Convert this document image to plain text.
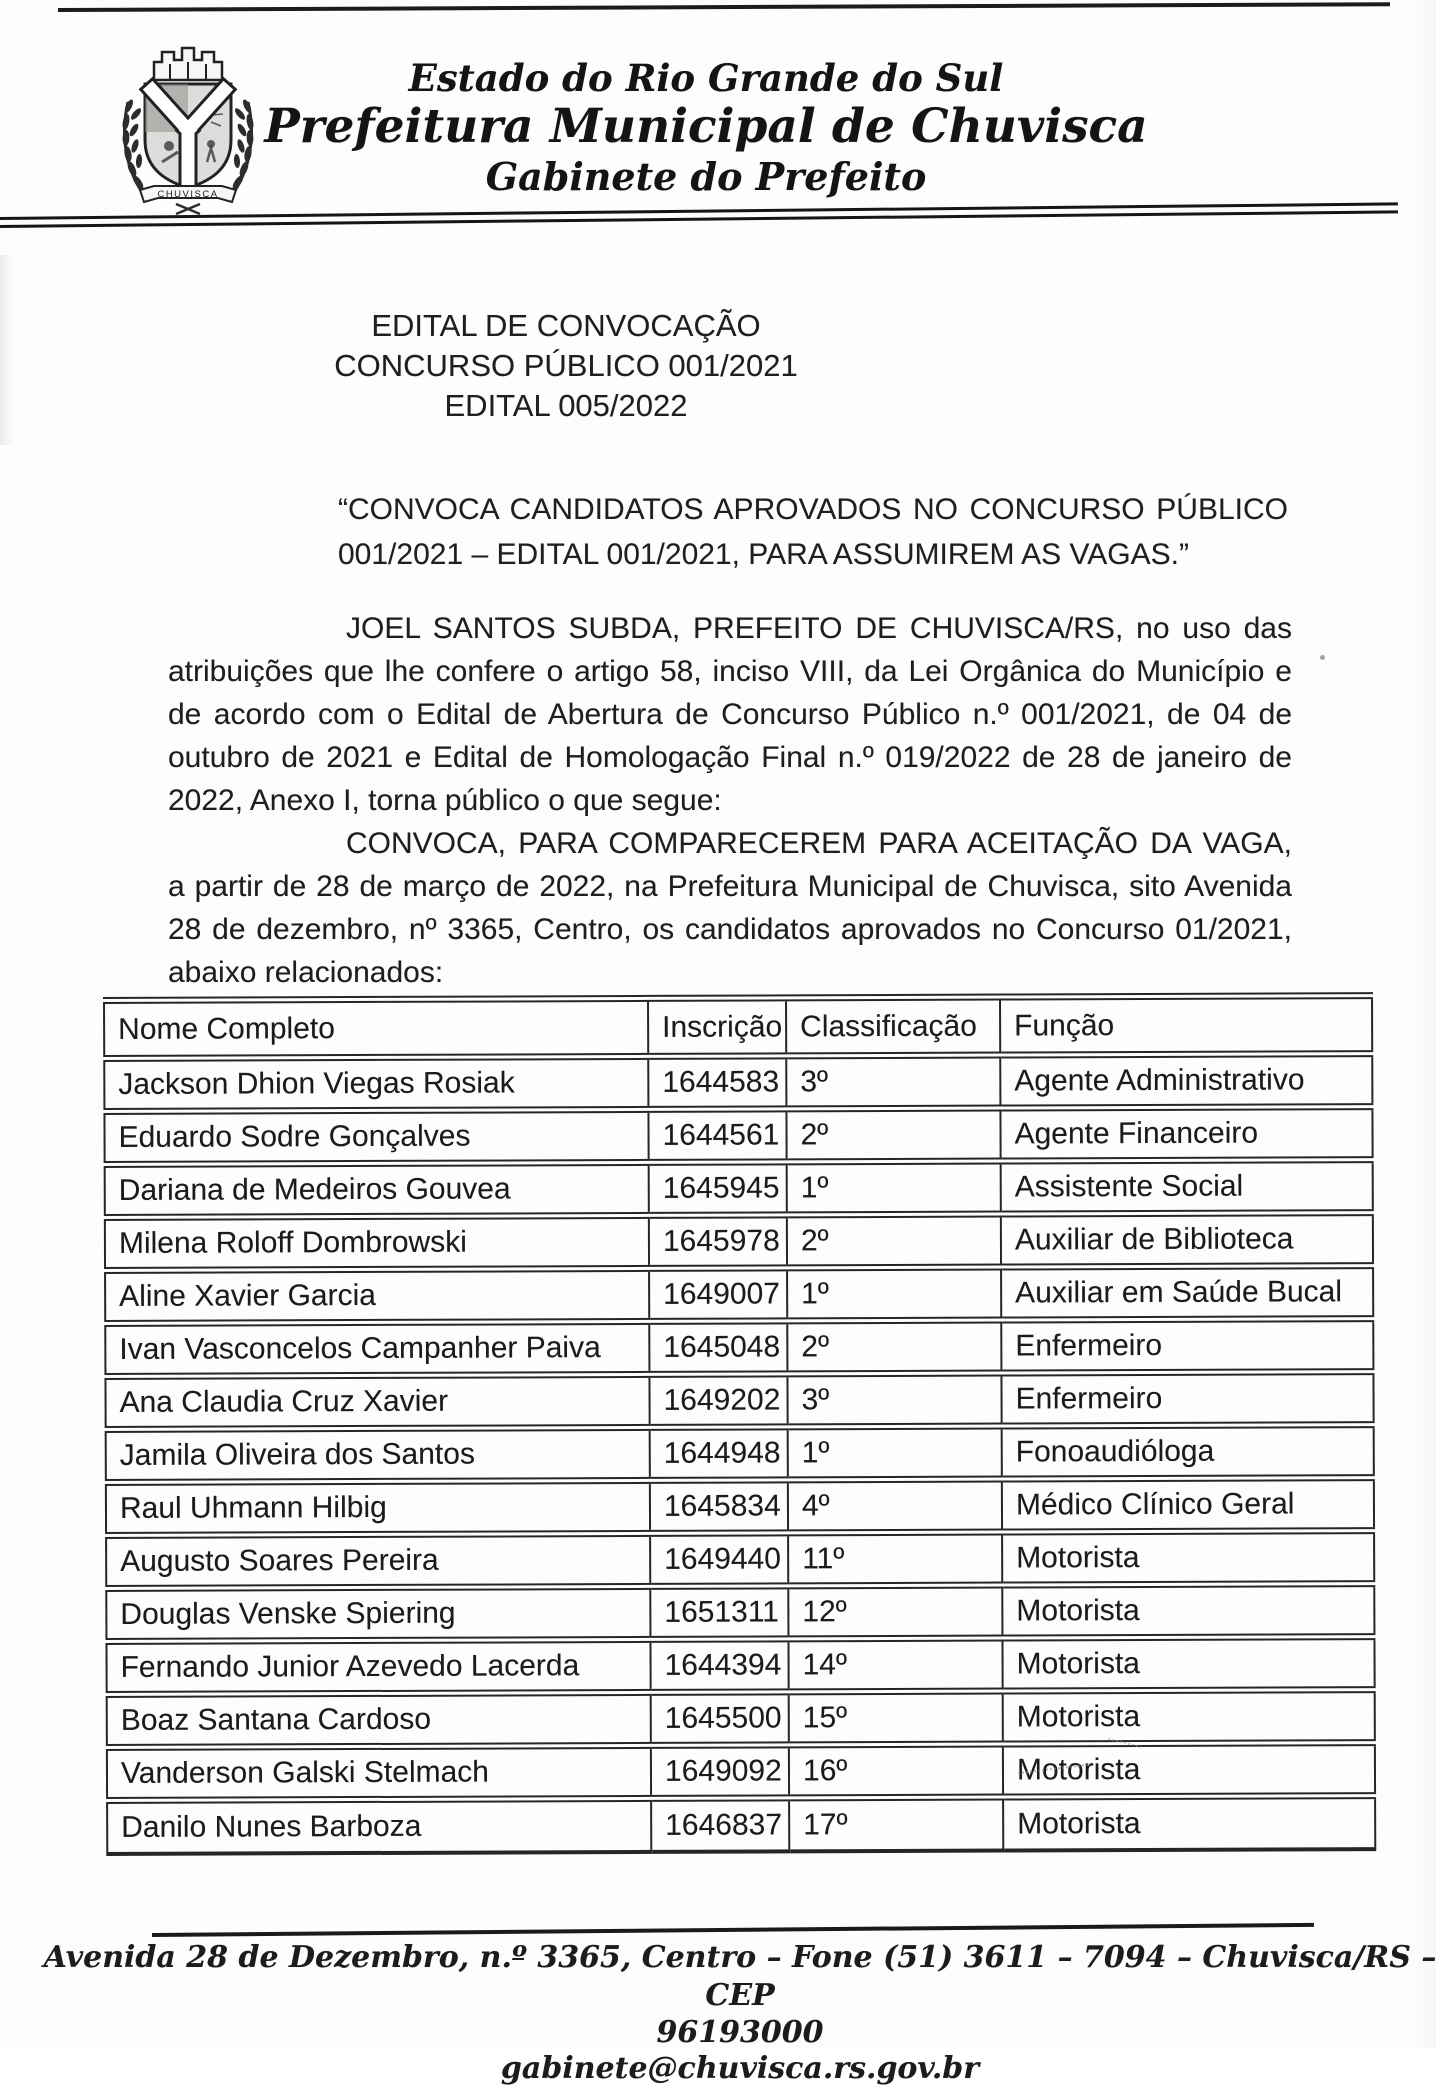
CHUVISCA
Estado do Rio Grande do Sul
Prefeitura Municipal de Chuvisca
Gabinete do Prefeito
EDITAL DE CONVOCAÇÃO
CONCURSO PÚBLICO 001/2021
EDITAL 005/2022
“CONVOCA CANDIDATOS APROVADOS NO CONCURSO PÚBLICO 001/2021 – EDITAL 001/2021, PARA ASSUMIREM AS VAGAS.”

JOEL SANTOS SUBDA, PREFEITO DE CHUVISCA/RS, no uso das atribuições que lhe confere o artigo 58, inciso VIII, da Lei Orgânica do Município e de acordo com o Edital de Abertura de Concurso Público n.º 001/2021, de 04 de outubro de 2021 e Edital de Homologação Final n.º 019/2022 de 28 de janeiro de 2022, Anexo I, torna público o que segue:

CONVOCA, PARA COMPARECEREM PARA ACEITAÇÃO DA VAGA, a partir de 28 de março de 2022, na Prefeitura Municipal de Chuvisca, sito Avenida 28 de dezembro, nº 3365, Centro, os candidatos aprovados no Concurso 01/2021, abaixo relacionados:

Nome Completo	Inscrição	Classificação	Função
Jackson Dhion Viegas Rosiak	1644583	3º	Agente Administrativo
Eduardo Sodre Gonçalves	1644561	2º	Agente Financeiro
Dariana de Medeiros Gouvea	1645945	1º	Assistente Social
Milena Roloff Dombrowski	1645978	2º	Auxiliar de Biblioteca
Aline Xavier Garcia	1649007	1º	Auxiliar em Saúde Bucal
Ivan Vasconcelos Campanher Paiva	1645048	2º	Enfermeiro
Ana Claudia Cruz Xavier	1649202	3º	Enfermeiro
Jamila Oliveira dos Santos	1644948	1º	Fonoaudióloga
Raul Uhmann Hilbig	1645834	4º	Médico Clínico Geral
Augusto Soares Pereira	1649440	11º	Motorista
Douglas Venske Spiering	1651311	12º	Motorista
Fernando Junior Azevedo Lacerda	1644394	14º	Motorista
Boaz Santana Cardoso	1645500	15º	Motorista
Vanderson Galski Stelmach	1649092	16º	Motorista
Danilo Nunes Barboza	1646837	17º	Motorista
Avenida 28 de Dezembro, n.º 3365, Centro – Fone (51) 3611 – 7094 – Chuvisca/RS – CEP
96193000
gabinete@chuvisca.rs.gov.br
